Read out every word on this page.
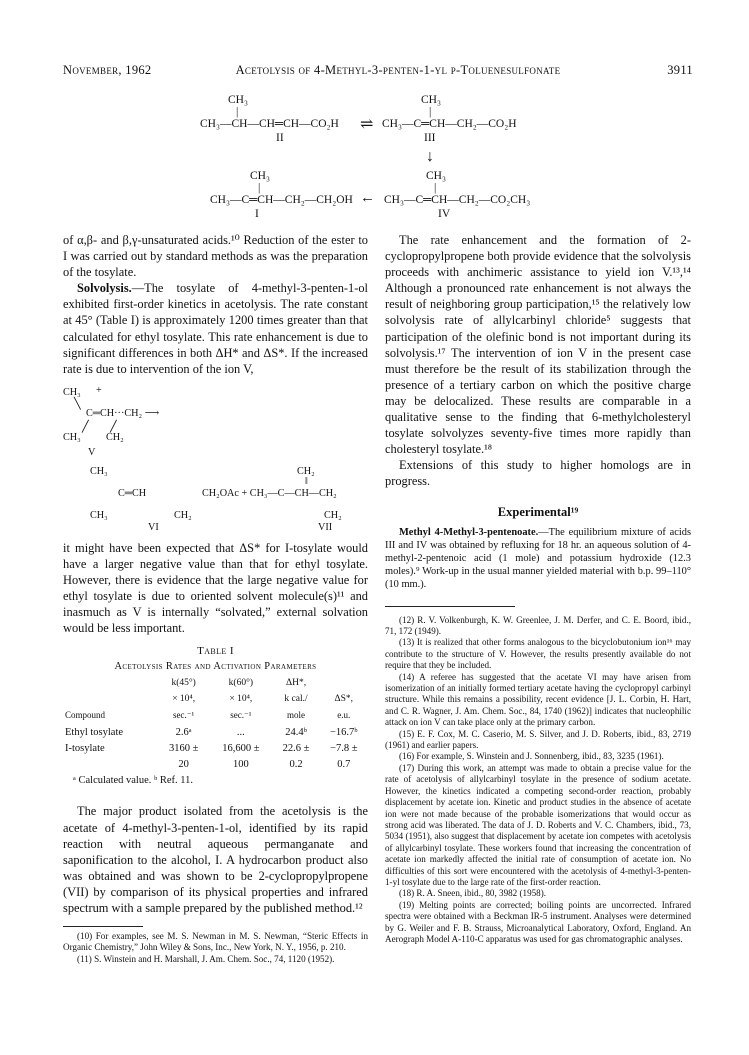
November, 1962	Acetolysis of 4-Methyl-3-penten-1-yl p-Toluenesulfonate	3911
CH₃
|
CH₃—CH—CH═CH—CO₂H
II
⇌
CH₃
|
CH₃—C═CH—CH₂—CO₂H
III
↓
CH₃
|
CH₃—C═CH—CH₂—CH₂OH
I
←
CH₃
|
CH₃—C═CH—CH₂—CO₂CH₃
IV

of α,β- and β,γ-unsaturated acids.¹⁰ Reduction of the ester to I was carried out by standard methods as was the preparation of the tosylate.

Solvolysis.—The tosylate of 4-methyl-3-penten-1-ol exhibited first-order kinetics in acetolysis. The rate constant at 45° (Table I) is approximately 1200 times greater than that calculated for ethyl tosylate. This rate enhancement is due to significant differences in both ΔH* and ΔS*. If the increased rate is due to intervention of the ion V,

CH₃ +
╲
C═CH···CH₂ ⟶
╱ ╱
CH₃ CH₂
V
CH₃	CH₂
‖
C═CH	CH₂OAc + CH₃—C—CH—CH₂
CH₃	CH₂	CH₂
VI	VII

it might have been expected that ΔS* for I-tosylate would have a larger negative value than that for ethyl tosylate. However, there is evidence that the large negative value for ethyl tosylate is due to oriented solvent molecule(s)¹¹ and inasmuch as V is internally “solvated,” external solvation would be less important.

Table I
Acetolysis Rates and Activation Parameters
	k(45°)	k(60°)	ΔH*,	
	× 10⁴,	× 10⁴,	k cal./	ΔS*,
Compound	sec.⁻¹	sec.⁻¹	mole	e.u.

Ethyl tosylate	2.6ᵃ	...	24.4ᵇ	−16.7ᵇ
I-tosylate	3160 ±	16,600 ±	22.6 ±	−7.8 ±
	20	100	0.2	0.7
ᵃ Calculated value. ᵇ Ref. 11.

The major product isolated from the acetolysis is the acetate of 4-methyl-3-penten-1-ol, identified by its rapid reaction with neutral aqueous permanganate and saponification to the alcohol, I. A hydrocarbon product also was obtained and was shown to be 2-cyclopropylpropene (VII) by comparison of its physical properties and infrared spectrum with a sample prepared by the published method.¹²

(10) For examples, see M. S. Newman in M. S. Newman, “Steric Effects in Organic Chemistry,” John Wiley & Sons, Inc., New York, N. Y., 1956, p. 210.

(11) S. Winstein and H. Marshall, J. Am. Chem. Soc., 74, 1120 (1952).

The rate enhancement and the formation of 2-cyclopropylpropene both provide evidence that the solvolysis proceeds with anchimeric assistance to yield ion V.¹³,¹⁴ Although a pronounced rate enhancement is not always the result of neighboring group participation,¹⁵ the relatively low solvolysis rate of allylcarbinyl chloride⁵ suggests that participation of the olefinic bond is not important during its solvolysis.¹⁷ The intervention of ion V in the present case must therefore be the result of its stabilization through the presence of a tertiary carbon on which the positive charge may be delocalized. These results are comparable in a qualitative sense to the finding that 6-methylcholesteryl tosylate solvolyzes seventy-five times more rapidly than cholesteryl tosylate.¹⁸

Extensions of this study to higher homologs are in progress.

Experimental¹⁹

Methyl 4-Methyl-3-pentenoate.—The equilibrium mixture of acids III and IV was obtained by refluxing for 18 hr. an aqueous solution of 4-methyl-2-pentenoic acid (1 mole) and potassium hydroxide (12.3 moles).⁹ Work-up in the usual manner yielded material with b.p. 99–110° (10 mm.).

(12) R. V. Volkenburgh, K. W. Greenlee, J. M. Derfer, and C. E. Boord, ibid., 71, 172 (1949).

(13) It is realized that other forms analogous to the bicyclobutonium ion¹⁶ may contribute to the structure of V. However, the results presently available do not require that they be included.

(14) A referee has suggested that the acetate VI may have arisen from isomerization of an initially formed tertiary acetate having the cyclopropyl carbinyl structure. While this remains a possibility, recent evidence [J. L. Corbin, H. Hart, and C. R. Wagner, J. Am. Chem. Soc., 84, 1740 (1962)] indicates that nucleophilic attack on ion V can take place only at the primary carbon.

(15) E. F. Cox, M. C. Caserio, M. S. Silver, and J. D. Roberts, ibid., 83, 2719 (1961) and earlier papers.

(16) For example, S. Winstein and J. Sonnenberg, ibid., 83, 3235 (1961).

(17) During this work, an attempt was made to obtain a precise value for the rate of acetolysis of allylcarbinyl tosylate in the presence of sodium acetate. However, the kinetics indicated a competing second-order reaction, probably displacement by acetate ion. Kinetic and product studies in the absence of acetate ion were not made because of the probable isomerizations that would occur as strong acid was liberated. The data of J. D. Roberts and V. C. Chambers, ibid., 73, 5034 (1951), also suggest that displacement by acetate ion competes with acetolysis of allylcarbinyl tosylate. These workers found that increasing the concentration of acetate ion markedly affected the initial rate of consumption of acetate ion. No difficulties of this sort were encountered with the acetolysis of 4-methyl-3-penten-1-yl tosylate due to the large rate of the first-order reaction.

(18) R. A. Sneen, ibid., 80, 3982 (1958).

(19) Melting points are corrected; boiling points are uncorrected. Infrared spectra were obtained with a Beckman IR-5 instrument. Analyses were determined by G. Weiler and F. B. Strauss, Microanalytical Laboratory, Oxford, England. An Aerograph Model A-110-C apparatus was used for gas chromatographic analyses.
